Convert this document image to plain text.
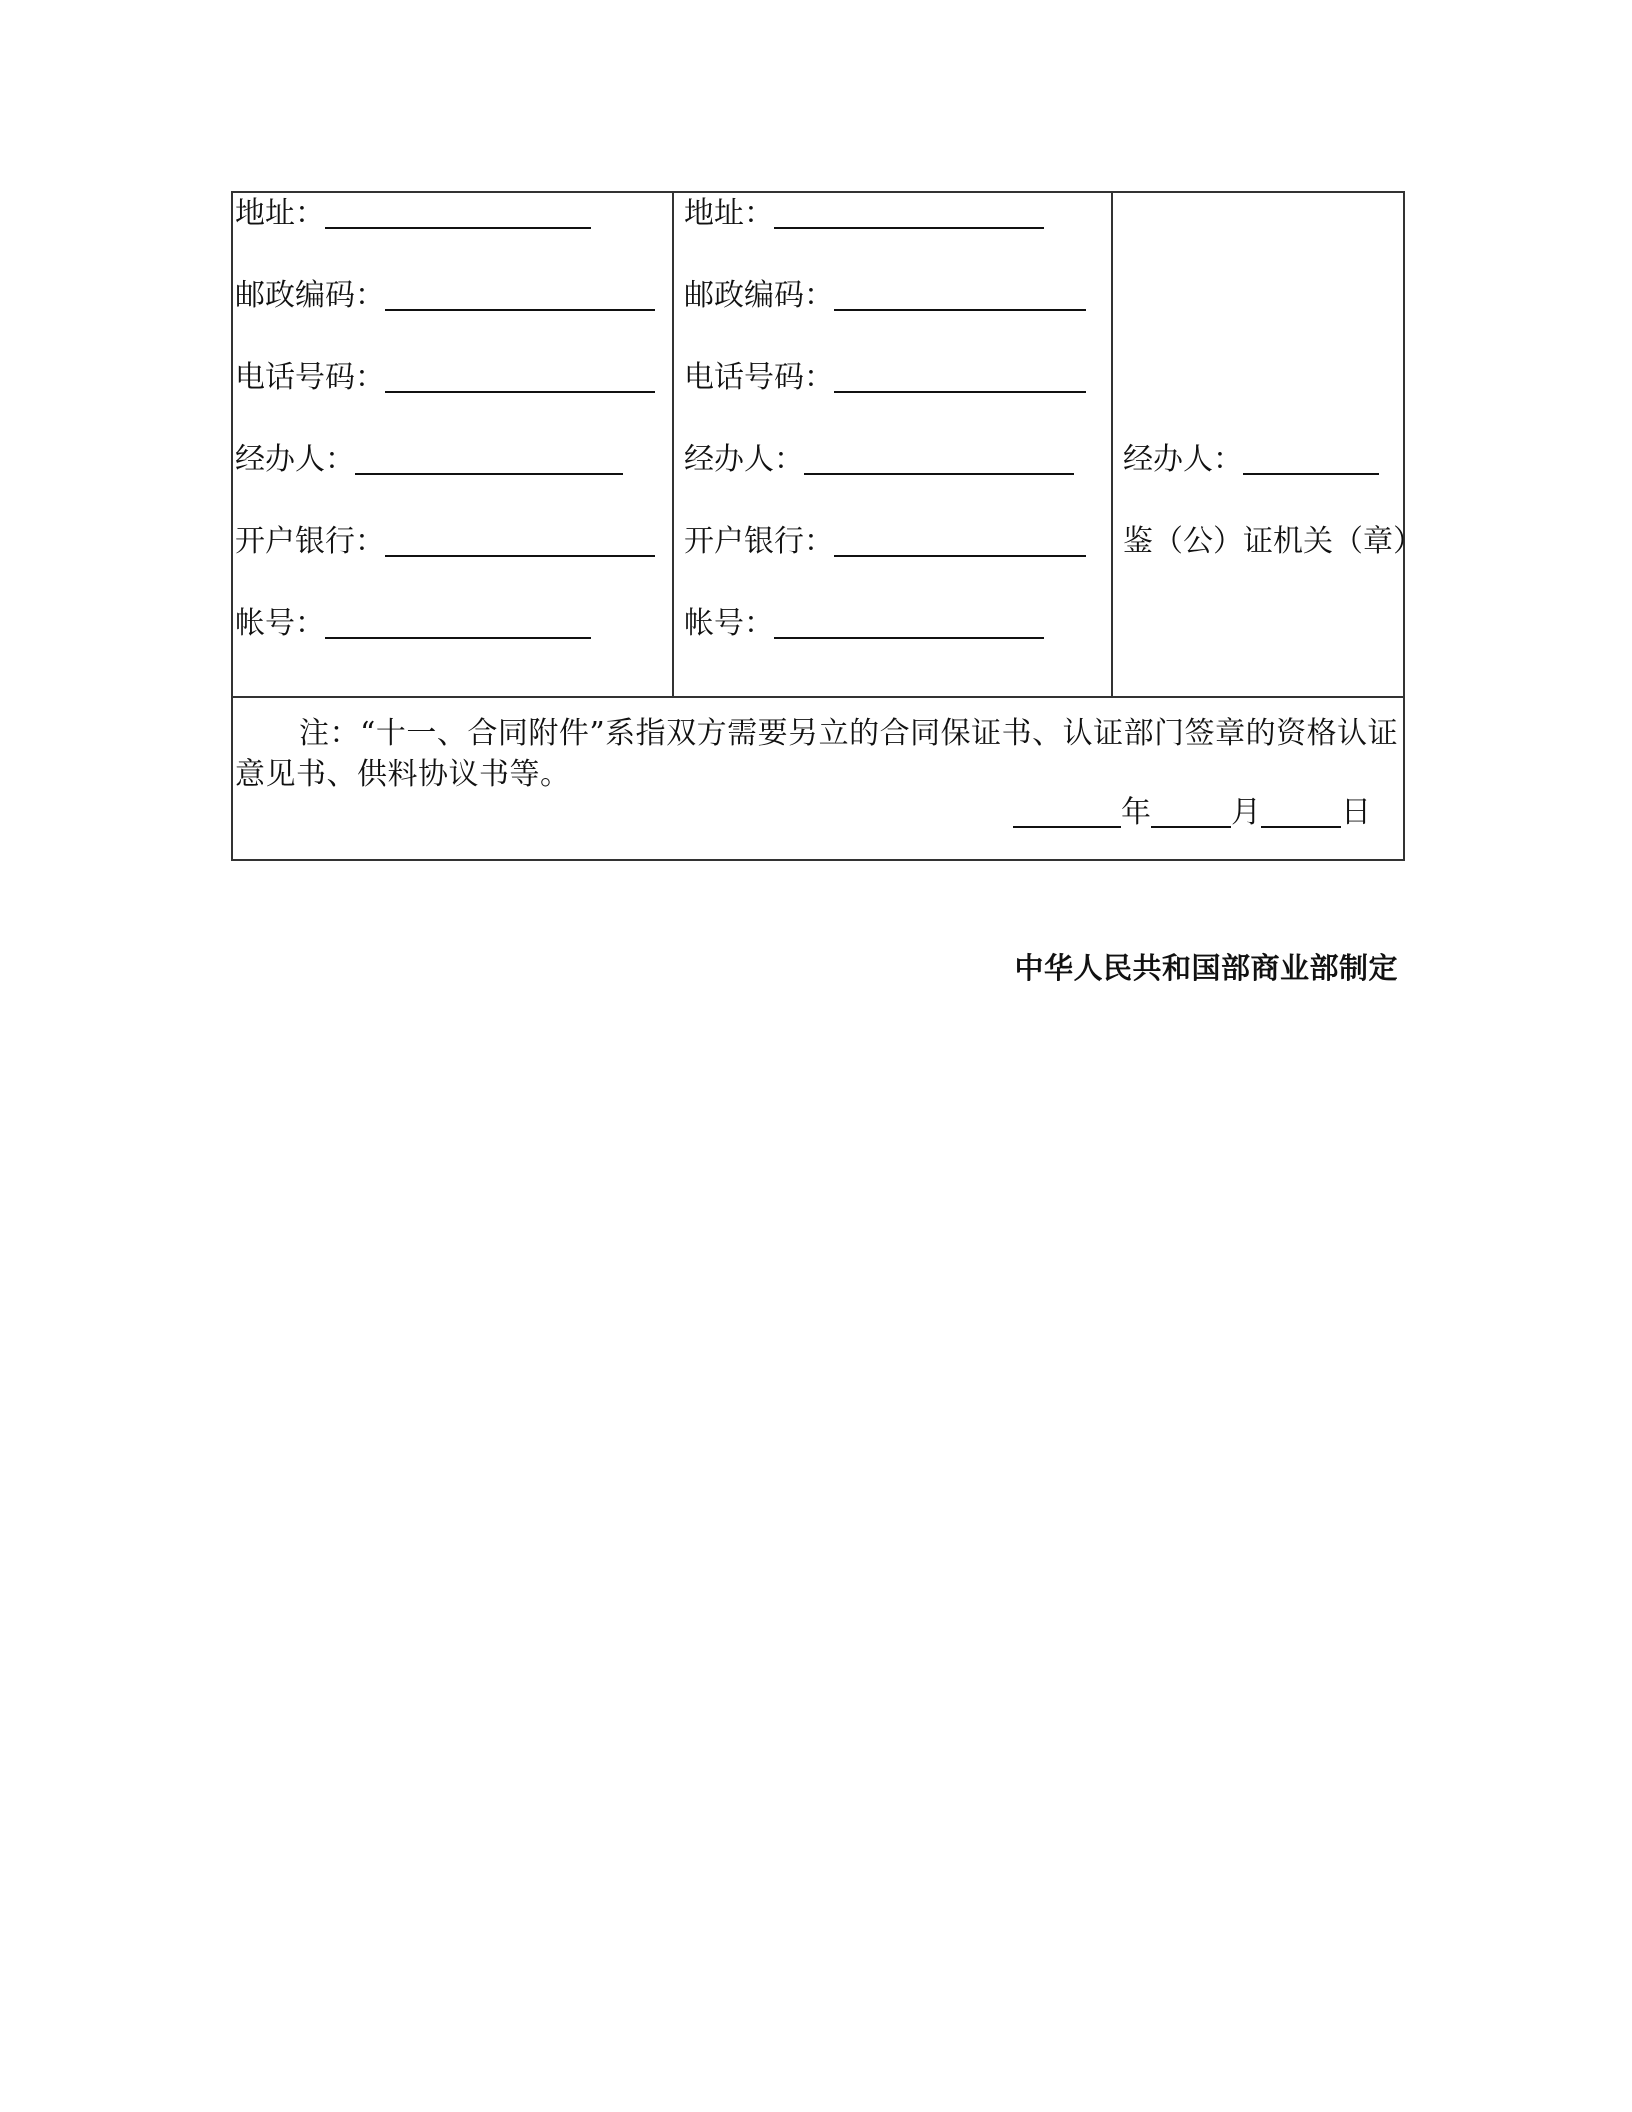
地址：
邮政编码：
电话号码：
经办人：
开户银行：
帐号：
地址：
邮政编码：
电话号码：
经办人：
开户银行：
帐号：
经办人：
鉴（公）证机关（章）
注：“十一、合同附件”系指双方需要另立的合同保证书、认证部门签章的资格认证意见书、供料协议书等。
年	月	日
中华人民共和国部商业部制定
